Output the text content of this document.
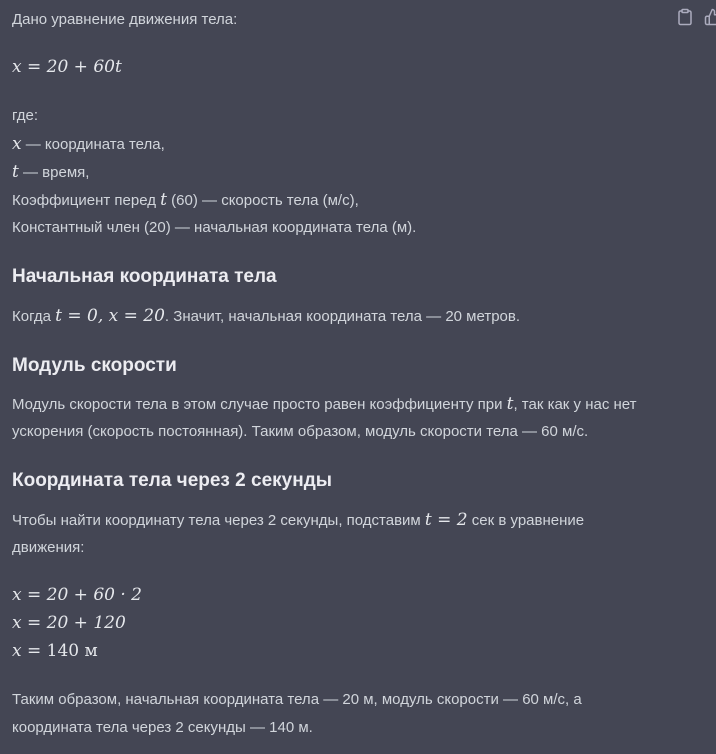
Дано уравнение движения тела:
x = 20 + 60t
где:
x — координата тела,
t — время,
Коэффициент перед t (60) — скорость тела (м/с),
Константный член (20) — начальная координата тела (м).
Начальная координата тела
Когда t = 0, x = 20. Значит, начальная координата тела — 20 метров.
Модуль скорости
Модуль скорости тела в этом случае просто равен коэффициенту при t, так как у нас нет
ускорения (скорость постоянная). Таким образом, модуль скорости тела — 60 м/с.
Координата тела через 2 секунды
Чтобы найти координату тела через 2 секунды, подставим t = 2 сек в уравнение
движения:
x = 20 + 60 · 2
x = 20 + 120
x = 140 м
Таким образом, начальная координата тела — 20 м, модуль скорости — 60 м/с, а
координата тела через 2 секунды — 140 м.
